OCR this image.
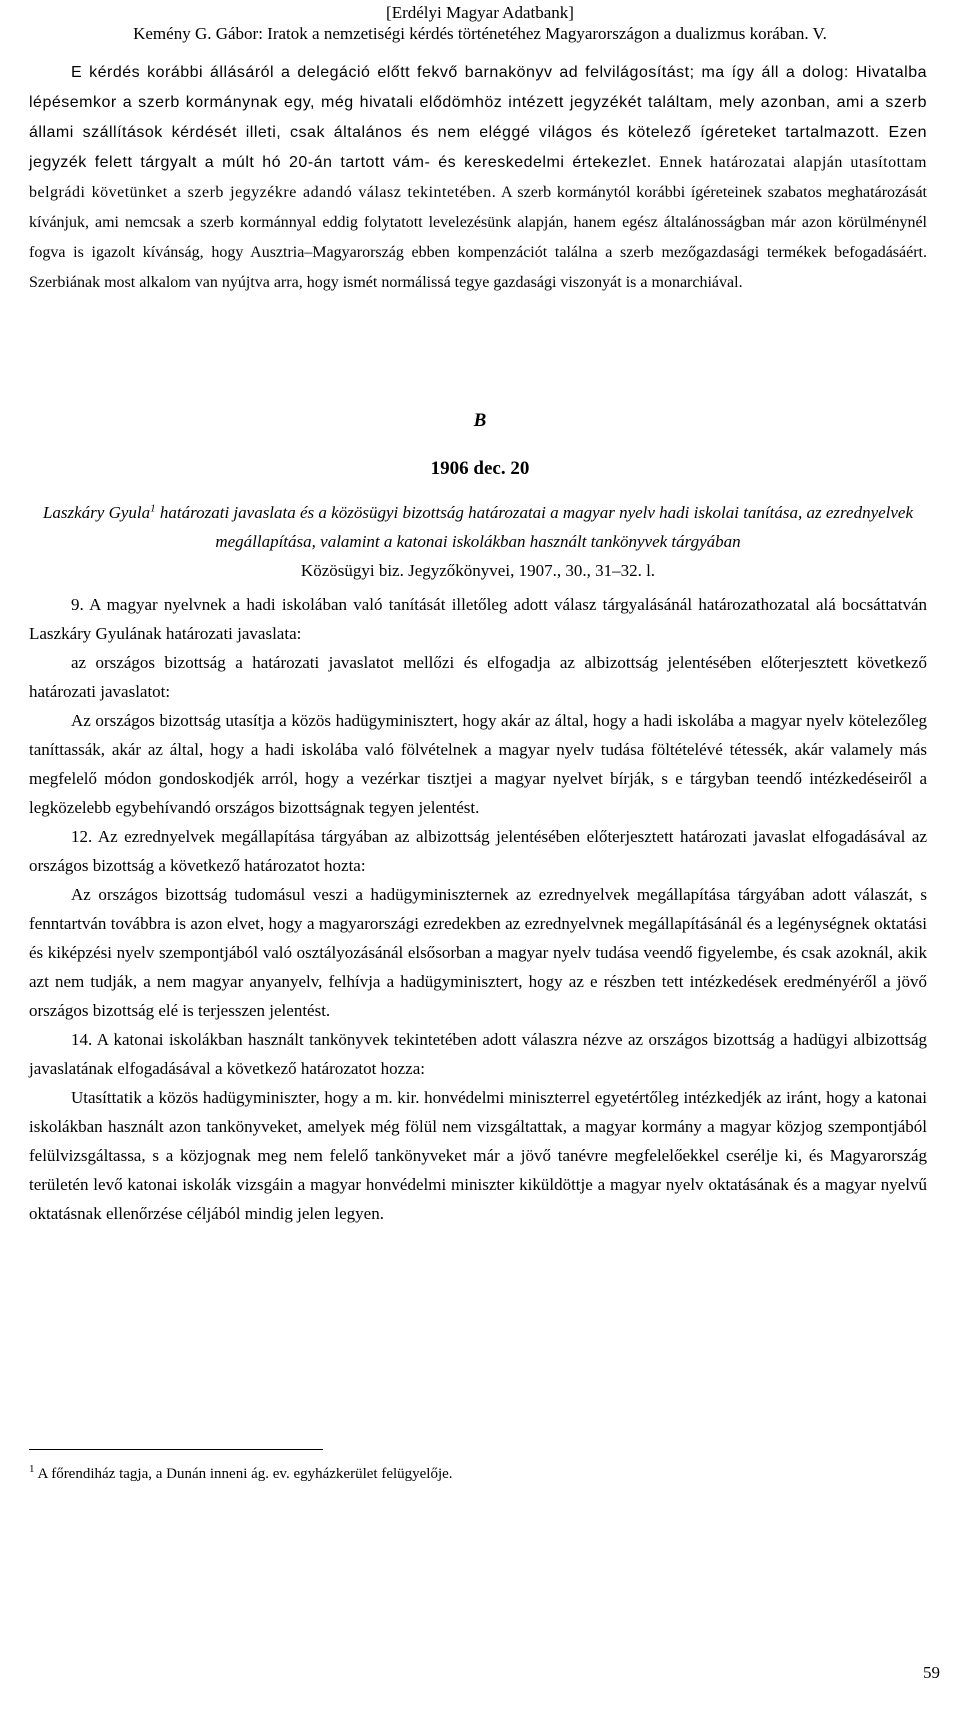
[Erdélyi Magyar Adatbank]
Kemény G. Gábor: Iratok a nemzetiségi kérdés történetéhez Magyarországon a dualizmus korában. V.
E kérdés korábbi állásáról a delegáció előtt fekvő barnakönyv ad felvilágosítást; ma így áll a dolog: Hivatalba lépésemkor a szerb kormánynak egy, még hivatali elődömhöz intézett jegyzékét találtam, mely azonban, ami a szerb állami szállítások kérdését illeti, csak általános és nem eléggé világos és kötelező ígéreteket tartalmazott. Ezen jegyzék felett tárgyalt a múlt hó 20-án tartott vám- és kereskedelmi értekezlet. Ennek határozatai alapján utasítottam belgrádi követünket a szerb jegyzékre adandó válasz tekintetében. A szerb kormánytól korábbi ígéreteinek szabatos meghatározását kívánjuk, ami nemcsak a szerb kormánnyal eddig folytatott levelezésünk alapján, hanem egész általánosságban már azon körülménynél fogva is igazolt kívánság, hogy Ausztria–Magyarország ebben kompenzációt találna a szerb mezőgazdasági termékek befogadásáért. Szerbiának most alkalom van nyújtva arra, hogy ismét normálissá tegye gazdasági viszonyát is a monarchiával.
B
1906 dec. 20
Laszkáry Gyula$^1$ határozati javaslata és a közösügyi bizottság határozatai a magyar nyelv hadi iskolai tanítása, az ezrednyelvek megállapítása, valamint a katonai iskolákban használt tankönyvek tárgyában
Közösügyi biz. Jegyzőkönyvei, 1907., 30., 31–32. l.

9. A magyar nyelvnek a hadi iskolában való tanítását illetőleg adott válasz tárgyalásánál határozathozatal alá bocsáttatván Laszkáry Gyulának határozati javaslata:

az országos bizottság a határozati javaslatot mellőzi és elfogadja az albizottság jelentésében előterjesztett következő határozati javaslatot:

Az országos bizottság utasítja a közös hadügyminisztert, hogy akár az által, hogy a hadi iskolába a magyar nyelv kötelezőleg taníttassák, akár az által, hogy a hadi iskolába való fölvételnek a magyar nyelv tudása föltételévé tétessék, akár valamely más megfelelő módon gondoskodjék arról, hogy a vezérkar tisztjei a magyar nyelvet bírják, s e tárgyban teendő intézkedéseiről a legközelebb egybehívandó országos bizottságnak tegyen jelentést.

12. Az ezrednyelvek megállapítása tárgyában az albizottság jelentésében előterjesztett határozati javaslat elfogadásával az országos bizottság a következő határozatot hozta:

Az országos bizottság tudomásul veszi a hadügyminiszternek az ezrednyelvek megállapítása tárgyában adott válaszát, s fenntartván továbbra is azon elvet, hogy a magyarországi ezredekben az ezrednyelvnek megállapításánál és a legénységnek oktatási és kiképzési nyelv szempontjából való osztályozásánál elsősorban a magyar nyelv tudása veendő figyelembe, és csak azoknál, akik azt nem tudják, a nem magyar anyanyelv, felhívja a hadügyminisztert, hogy az e részben tett intézkedések eredményéről a jövő országos bizottság elé is terjesszen jelentést.

14. A katonai iskolákban használt tankönyvek tekintetében adott válaszra nézve az országos bizottság a hadügyi albizottság javaslatának elfogadásával a következő határozatot hozza:

Utasíttatik a közös hadügyminiszter, hogy a m. kir. honvédelmi miniszterrel egyetértőleg intézkedjék az iránt, hogy a katonai iskolákban használt azon tankönyveket, amelyek még fölül nem vizsgáltattak, a magyar kormány a magyar közjog szempontjából felülvizsgáltassa, s a közjognak meg nem felelő tankönyveket már a jövő tanévre megfelelőekkel cserélje ki, és Magyarország területén levő katonai iskolák vizsgáin a magyar honvédelmi miniszter kiküldöttje a magyar nyelv oktatásának és a magyar nyelvű oktatásnak ellenőrzése céljából mindig jelen legyen.

$^1$ A főrendiház tagja, a Dunán inneni ág. ev. egyházkerület felügyelője.
59
